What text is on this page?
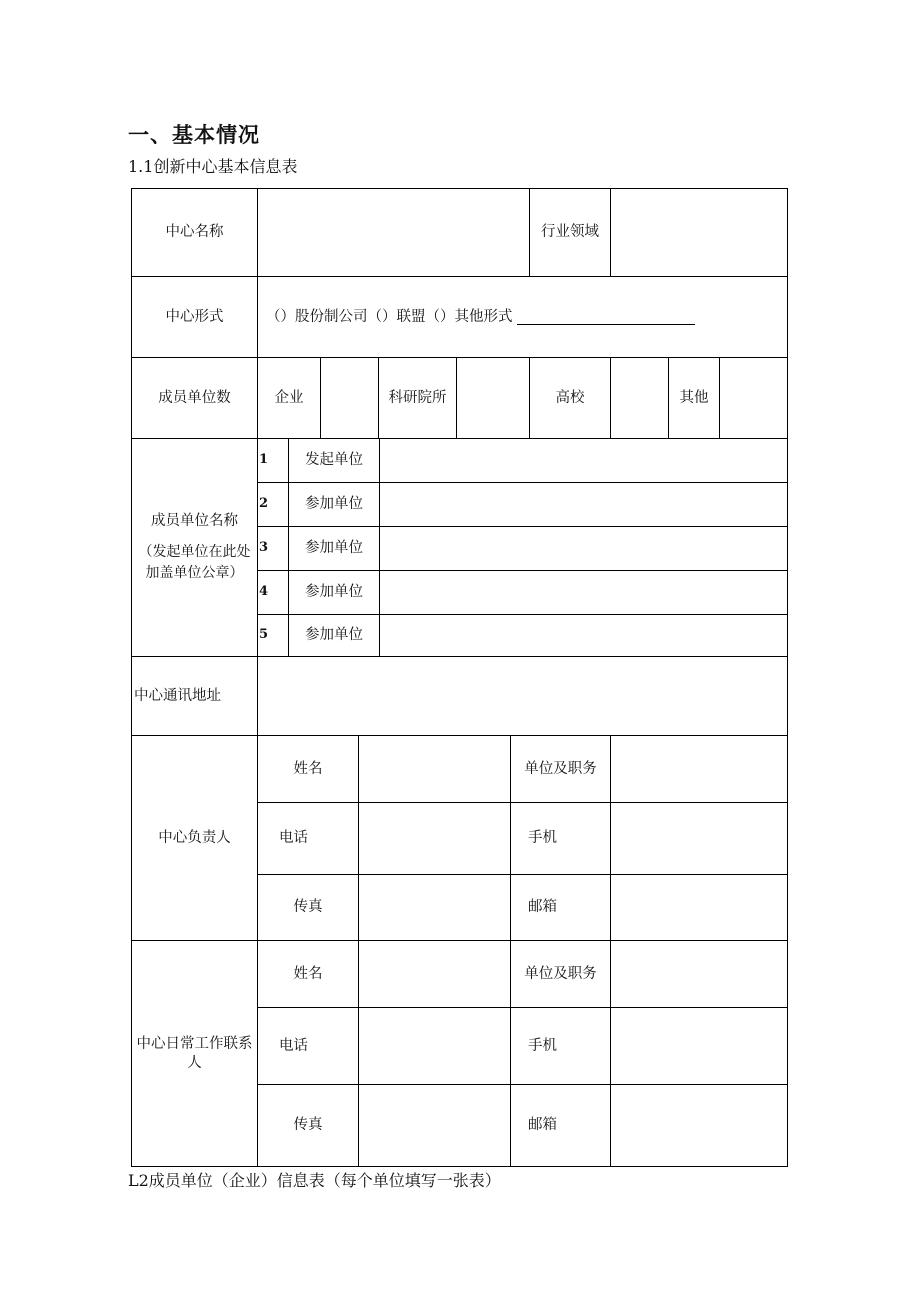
一、基本情况

1.1创新中心基本信息表

中心名称	行业领域
中心形式	（）股份制公司（）联盟（）其他形式
成员单位数	企业	科研院所	高校	其他
成员单位名称
（发起单位在此处加盖单位公章）
1	发起单位
2	参加单位
3	参加单位
4	参加单位
5	参加单位
中心通讯地址
中心负责人
姓名	单位及职务
电话	手机
传真	邮箱
中心日常工作联系人
姓名	单位及职务
电话	手机
传真	邮箱

L2成员单位（企业）信息表（每个单位填写一张表）
